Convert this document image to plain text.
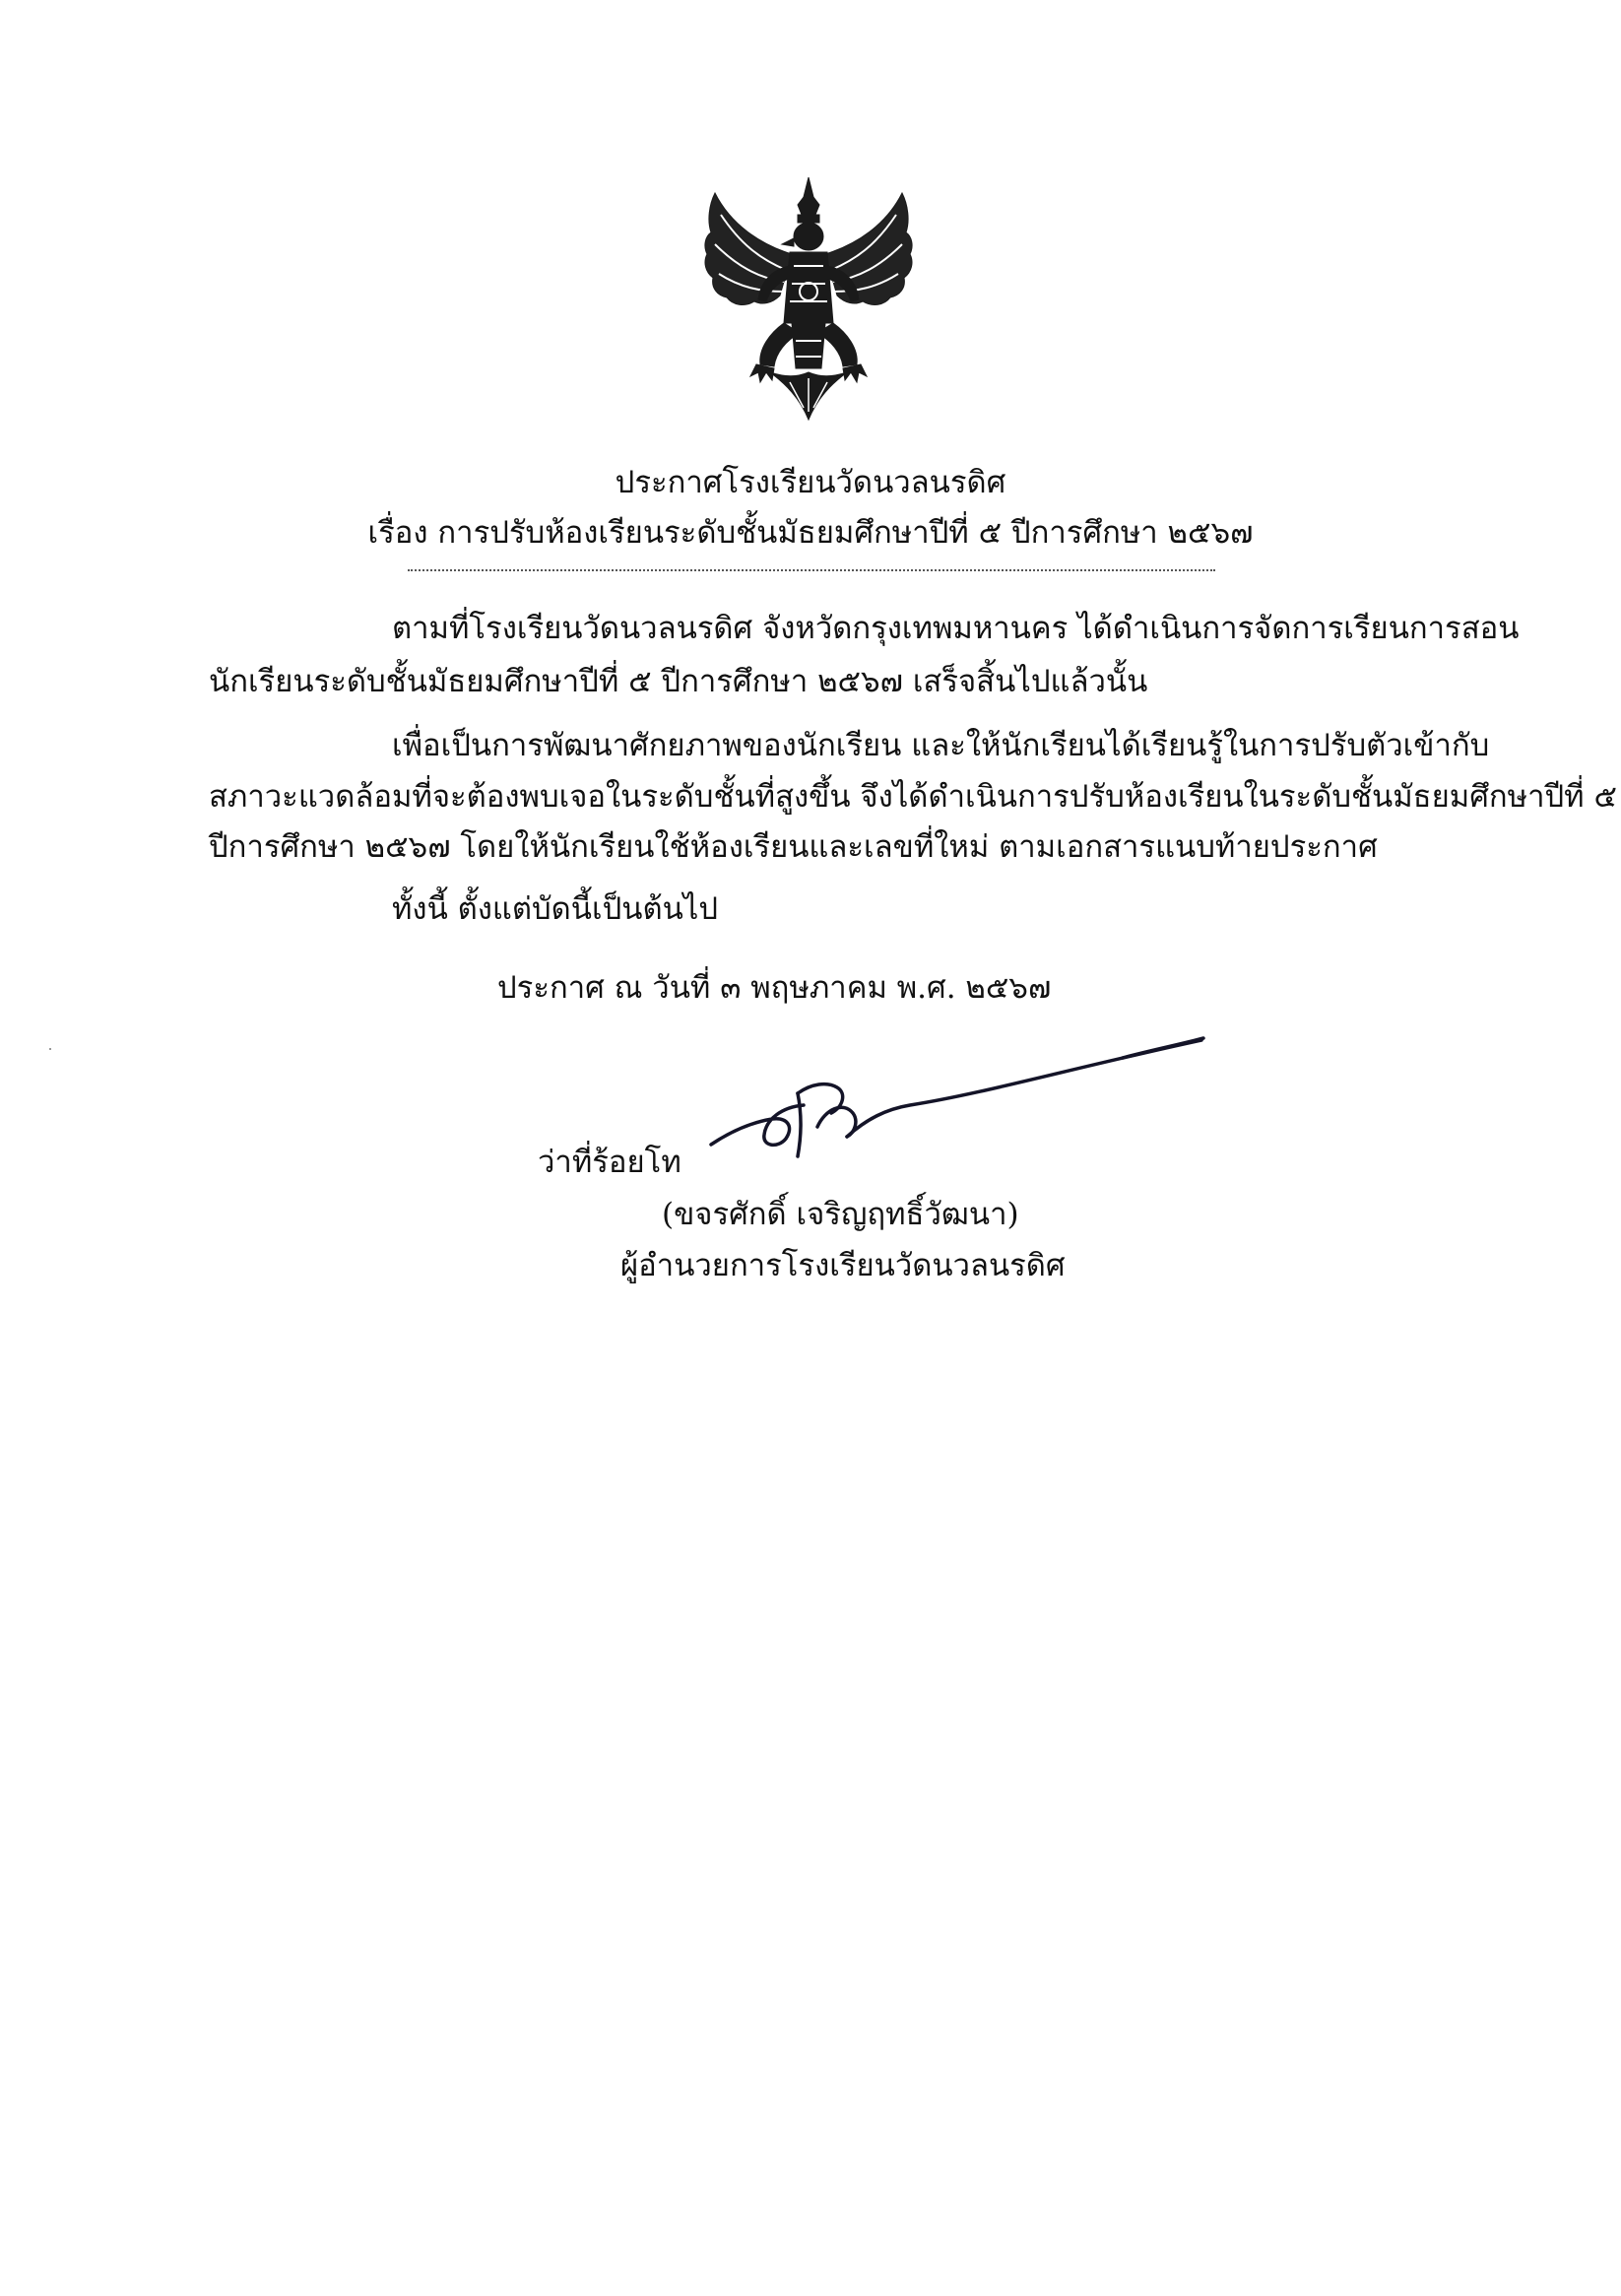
ประกาศโรงเรียนวัดนวลนรดิศ
เรื่อง การปรับห้องเรียนระดับชั้นมัธยมศึกษาปีที่ ๕ ปีการศึกษา ๒๕๖๗
ตามที่โรงเรียนวัดนวลนรดิศ จังหวัดกรุงเทพมหานคร ได้ดำเนินการจัดการเรียนการสอน
นักเรียนระดับชั้นมัธยมศึกษาปีที่ ๕ ปีการศึกษา ๒๕๖๗ เสร็จสิ้นไปแล้วนั้น
เพื่อเป็นการพัฒนาศักยภาพของนักเรียน และให้นักเรียนได้เรียนรู้ในการปรับตัวเข้ากับ
สภาวะแวดล้อมที่จะต้องพบเจอในระดับชั้นที่สูงขึ้น จึงได้ดำเนินการปรับห้องเรียนในระดับชั้นมัธยมศึกษาปีที่ ๕
ปีการศึกษา ๒๕๖๗ โดยให้นักเรียนใช้ห้องเรียนและเลขที่ใหม่ ตามเอกสารแนบท้ายประกาศ
ทั้งนี้ ตั้งแต่บัดนี้เป็นต้นไป
ประกาศ ณ วันที่ ๓ พฤษภาคม พ.ศ. ๒๕๖๗
ว่าที่ร้อยโท
(ขจรศักดิ์ เจริญฤทธิ์วัฒนา)
ผู้อำนวยการโรงเรียนวัดนวลนรดิศ
